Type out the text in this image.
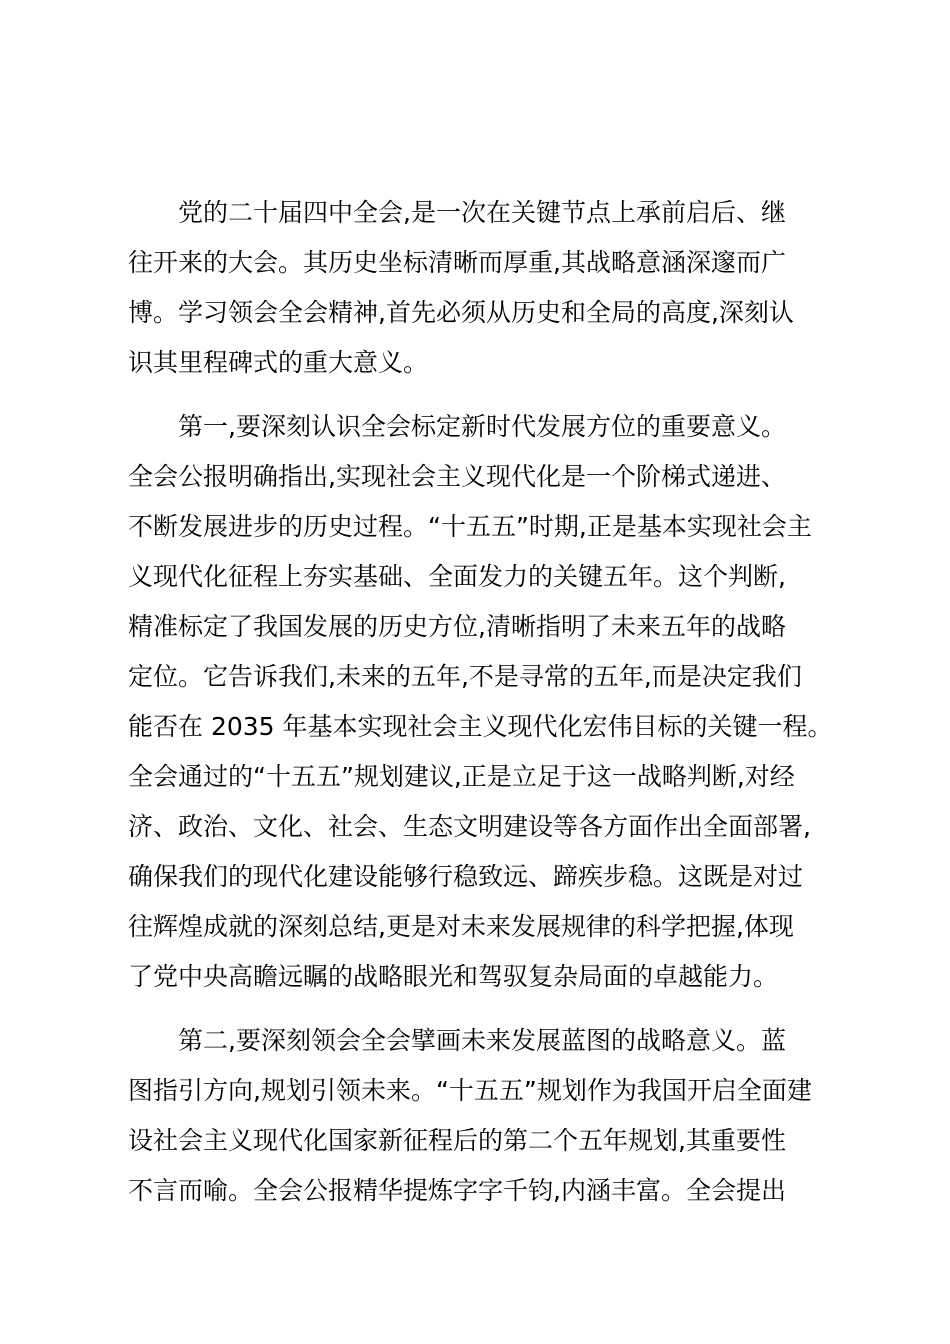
党的二十届四中全会,是一次在关键节点上承前启后、继
往开来的大会。其历史坐标清晰而厚重,其战略意涵深邃而广
博。学习领会全会精神,首先必须从历史和全局的高度,深刻认
识其里程碑式的重大意义。

第一,要深刻认识全会标定新时代发展方位的重要意义。
全会公报明确指出,实现社会主义现代化是一个阶梯式递进、
不断发展进步的历史过程。“十五五”时期,正是基本实现社会主
义现代化征程上夯实基础、全面发力的关键五年。这个判断,
精准标定了我国发展的历史方位,清晰指明了未来五年的战略
定位。它告诉我们,未来的五年,不是寻常的五年,而是决定我们
能否在 2035 年基本实现社会主义现代化宏伟目标的关键一程。
全会通过的“十五五”规划建议,正是立足于这一战略判断,对经
济、政治、文化、社会、生态文明建设等各方面作出全面部署,
确保我们的现代化建设能够行稳致远、蹄疾步稳。这既是对过
往辉煌成就的深刻总结,更是对未来发展规律的科学把握,体现
了党中央高瞻远瞩的战略眼光和驾驭复杂局面的卓越能力。

第二,要深刻领会全会擘画未来发展蓝图的战略意义。蓝
图指引方向,规划引领未来。“十五五”规划作为我国开启全面建
设社会主义现代化国家新征程后的第二个五年规划,其重要性
不言而喻。全会公报精华提炼字字千钧,内涵丰富。全会提出
